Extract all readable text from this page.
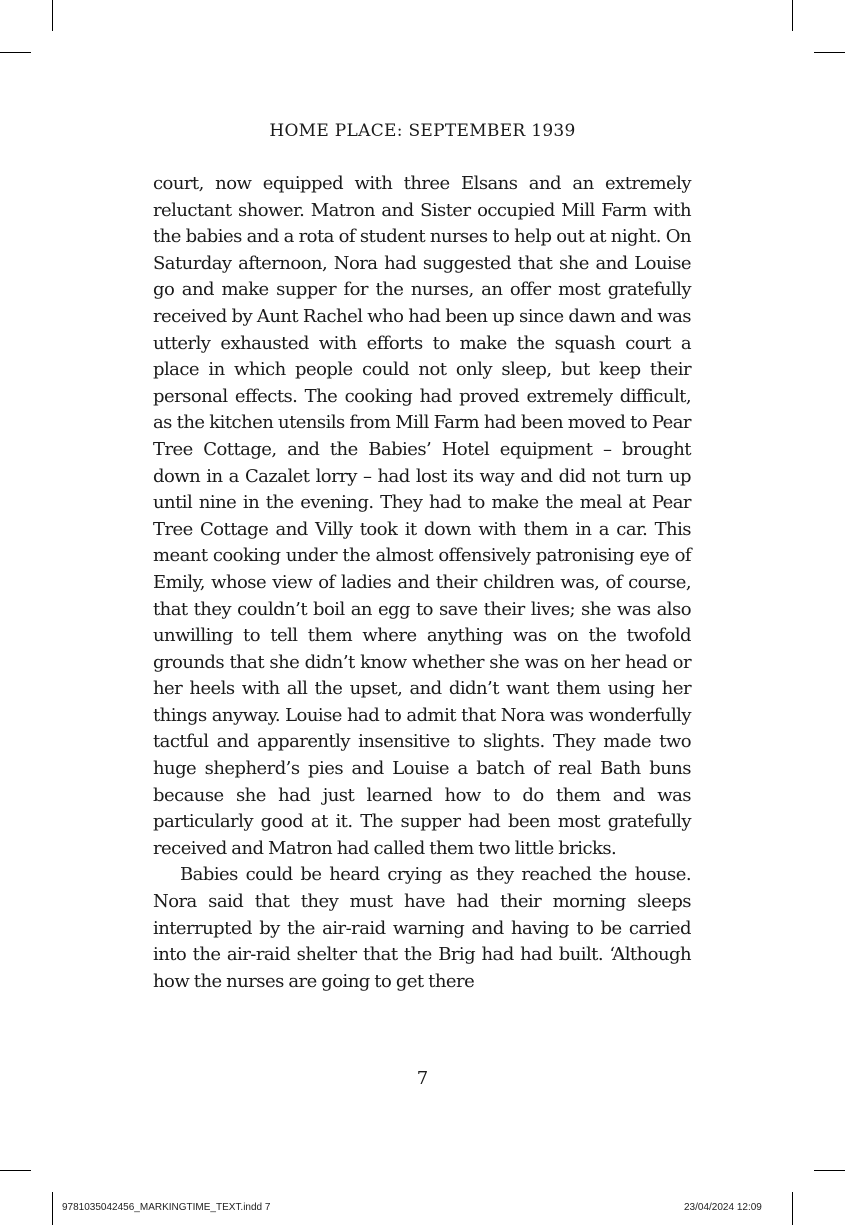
HOME PLACE: SEPTEMBER 1939

court, now equipped with three Elsans and an extremely reluctant shower. Matron and Sister occupied Mill Farm with the babies and a rota of student nurses to help out at night. On Saturday afternoon, Nora had suggested that she and Louise go and make supper for the nurses, an offer most gratefully received by Aunt Rachel who had been up since dawn and was utterly exhausted with efforts to make the squash court a place in which people could not only sleep, but keep their personal effects. The cooking had proved extremely difficult, as the kitchen utensils from Mill Farm had been moved to Pear Tree Cottage, and the Babies’ Hotel equipment – brought down in a Cazalet lorry – had lost its way and did not turn up until nine in the evening. They had to make the meal at Pear Tree Cottage and Villy took it down with them in a car. This meant cooking under the almost offensively patronising eye of Emily, whose view of ladies and their children was, of course, that they couldn’t boil an egg to save their lives; she was also unwilling to tell them where anything was on the twofold grounds that she didn’t know whether she was on her head or her heels with all the upset, and didn’t want them using her things anyway. Louise had to admit that Nora was wonderfully tactful and apparently insensitive to slights. They made two huge shepherd’s pies and Louise a batch of real Bath buns because she had just learned how to do them and was particularly good at it. The supper had been most gratefully received and Matron had called them two little bricks.

Babies could be heard crying as they reached the house. Nora said that they must have had their morning sleeps interrupted by the air-raid warning and having to be carried into the air-raid shelter that the Brig had had built. ‘Although how the nurses are going to get there

7
9781035042456_MARKINGTIME_TEXT.indd 7	23/04/2024 12:09
